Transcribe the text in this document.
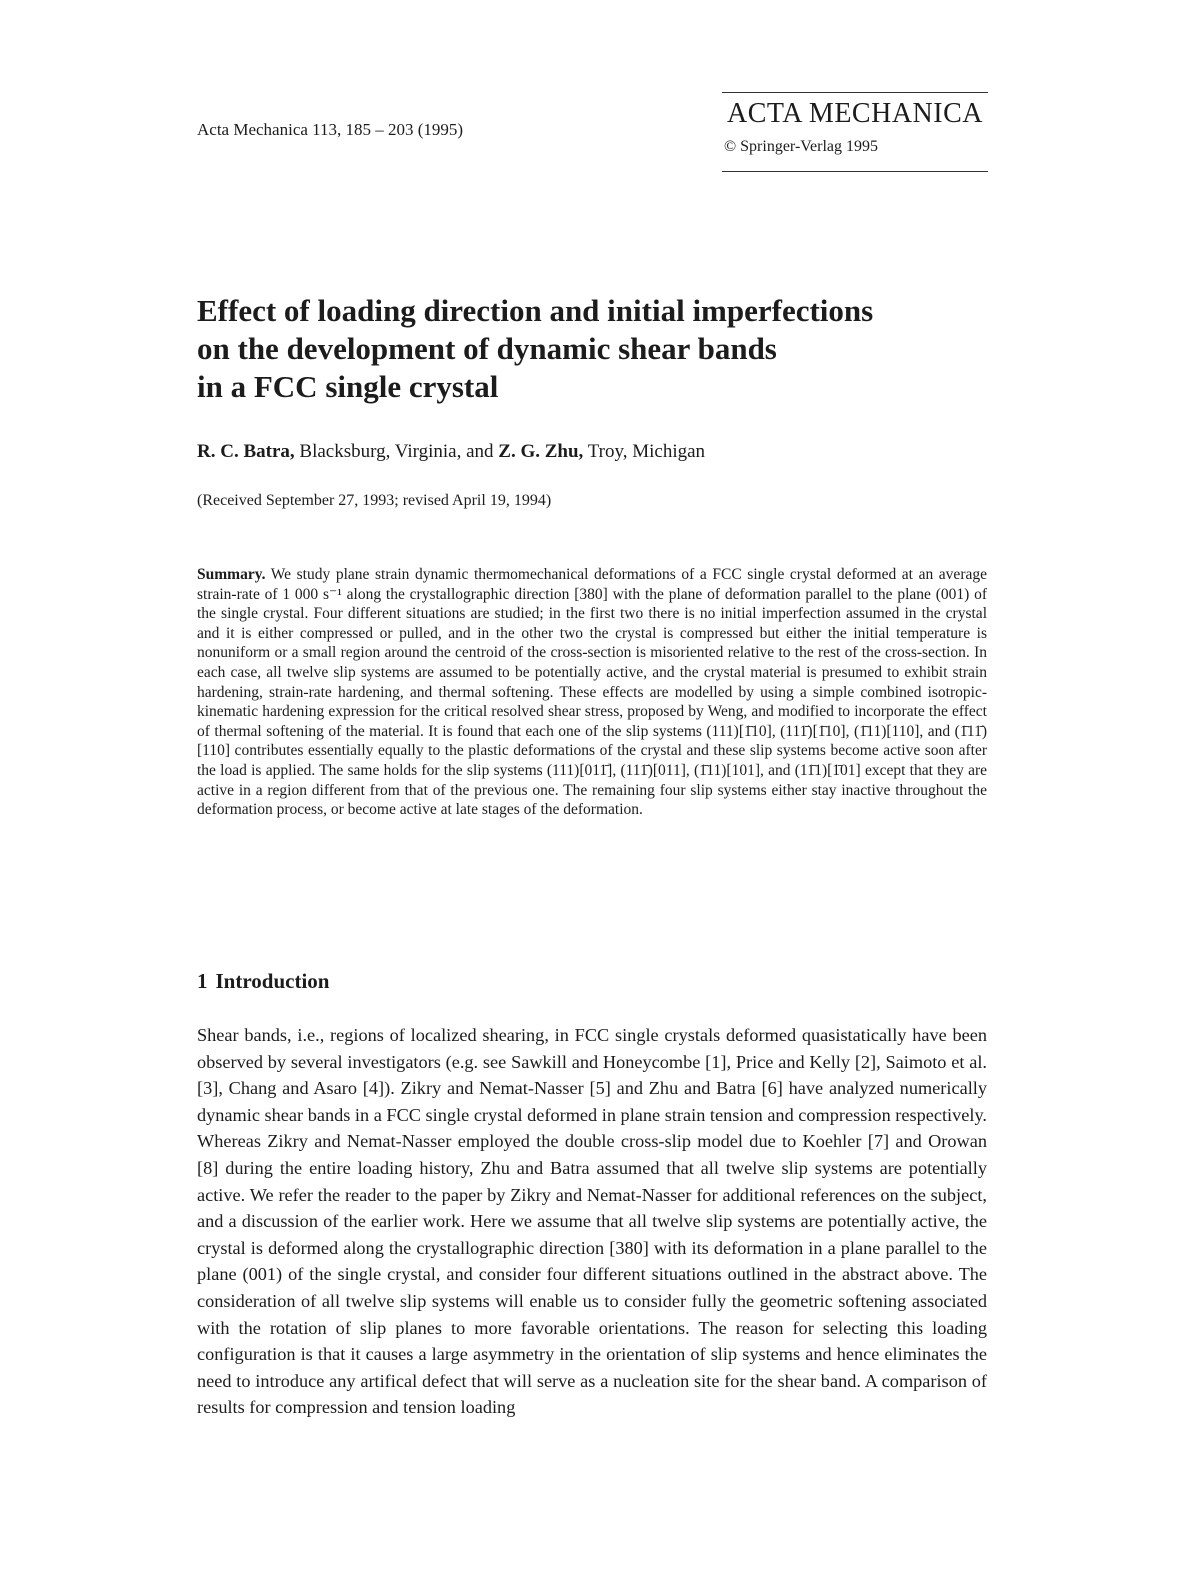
Acta Mechanica 113, 185 – 203 (1995)
ACTA MECHANICA
© Springer-Verlag 1995
Effect of loading direction and initial imperfections
on the development of dynamic shear bands
in a FCC single crystal
R. C. Batra, Blacksburg, Virginia, and Z. G. Zhu, Troy, Michigan
(Received September 27, 1993; revised April 19, 1994)
Summary. We study plane strain dynamic thermomechanical deformations of a FCC single crystal deformed at an average strain-rate of 1 000 s⁻¹ along the crystallographic direction [380] with the plane of deformation parallel to the plane (001) of the single crystal. Four different situations are studied; in the first two there is no initial imperfection assumed in the crystal and it is either compressed or pulled, and in the other two the crystal is compressed but either the initial temperature is nonuniform or a small region around the centroid of the cross-section is misoriented relative to the rest of the cross-section. In each case, all twelve slip systems are assumed to be potentially active, and the crystal material is presumed to exhibit strain hardening, strain-rate hardening, and thermal softening. These effects are modelled by using a simple combined isotropic-kinematic hardening expression for the critical resolved shear stress, proposed by Weng, and modified to incorporate the effect of thermal softening of the material. It is found that each one of the slip systems (111)[1̄10], (111̄)[1̄10], (1̄11)[110], and (1̄11̄)[110] contributes essentially equally to the plastic deformations of the crystal and these slip systems become active soon after the load is applied. The same holds for the slip systems (111)[011̄], (111̄)[011], (1̄11)[101], and (11̄1)[1̄01] except that they are active in a region different from that of the previous one. The remaining four slip systems either stay inactive throughout the deformation process, or become active at late stages of the deformation.
1 Introduction
Shear bands, i.e., regions of localized shearing, in FCC single crystals deformed quasistatically have been observed by several investigators (e.g. see Sawkill and Honeycombe [1], Price and Kelly [2], Saimoto et al. [3], Chang and Asaro [4]). Zikry and Nemat-Nasser [5] and Zhu and Batra [6] have analyzed numerically dynamic shear bands in a FCC single crystal deformed in plane strain tension and compression respectively. Whereas Zikry and Nemat-Nasser employed the double cross-slip model due to Koehler [7] and Orowan [8] during the entire loading history, Zhu and Batra assumed that all twelve slip systems are potentially active. We refer the reader to the paper by Zikry and Nemat-Nasser for additional references on the subject, and a discussion of the earlier work. Here we assume that all twelve slip systems are potentially active, the crystal is deformed along the crystallographic direction [380] with its deformation in a plane parallel to the plane (001) of the single crystal, and consider four different situations outlined in the abstract above. The consideration of all twelve slip systems will enable us to consider fully the geometric softening associated with the rotation of slip planes to more favorable orientations. The reason for selecting this loading configuration is that it causes a large asymmetry in the orientation of slip systems and hence eliminates the need to introduce any artifical defect that will serve as a nucleation site for the shear band. A comparison of results for compression and tension loading
